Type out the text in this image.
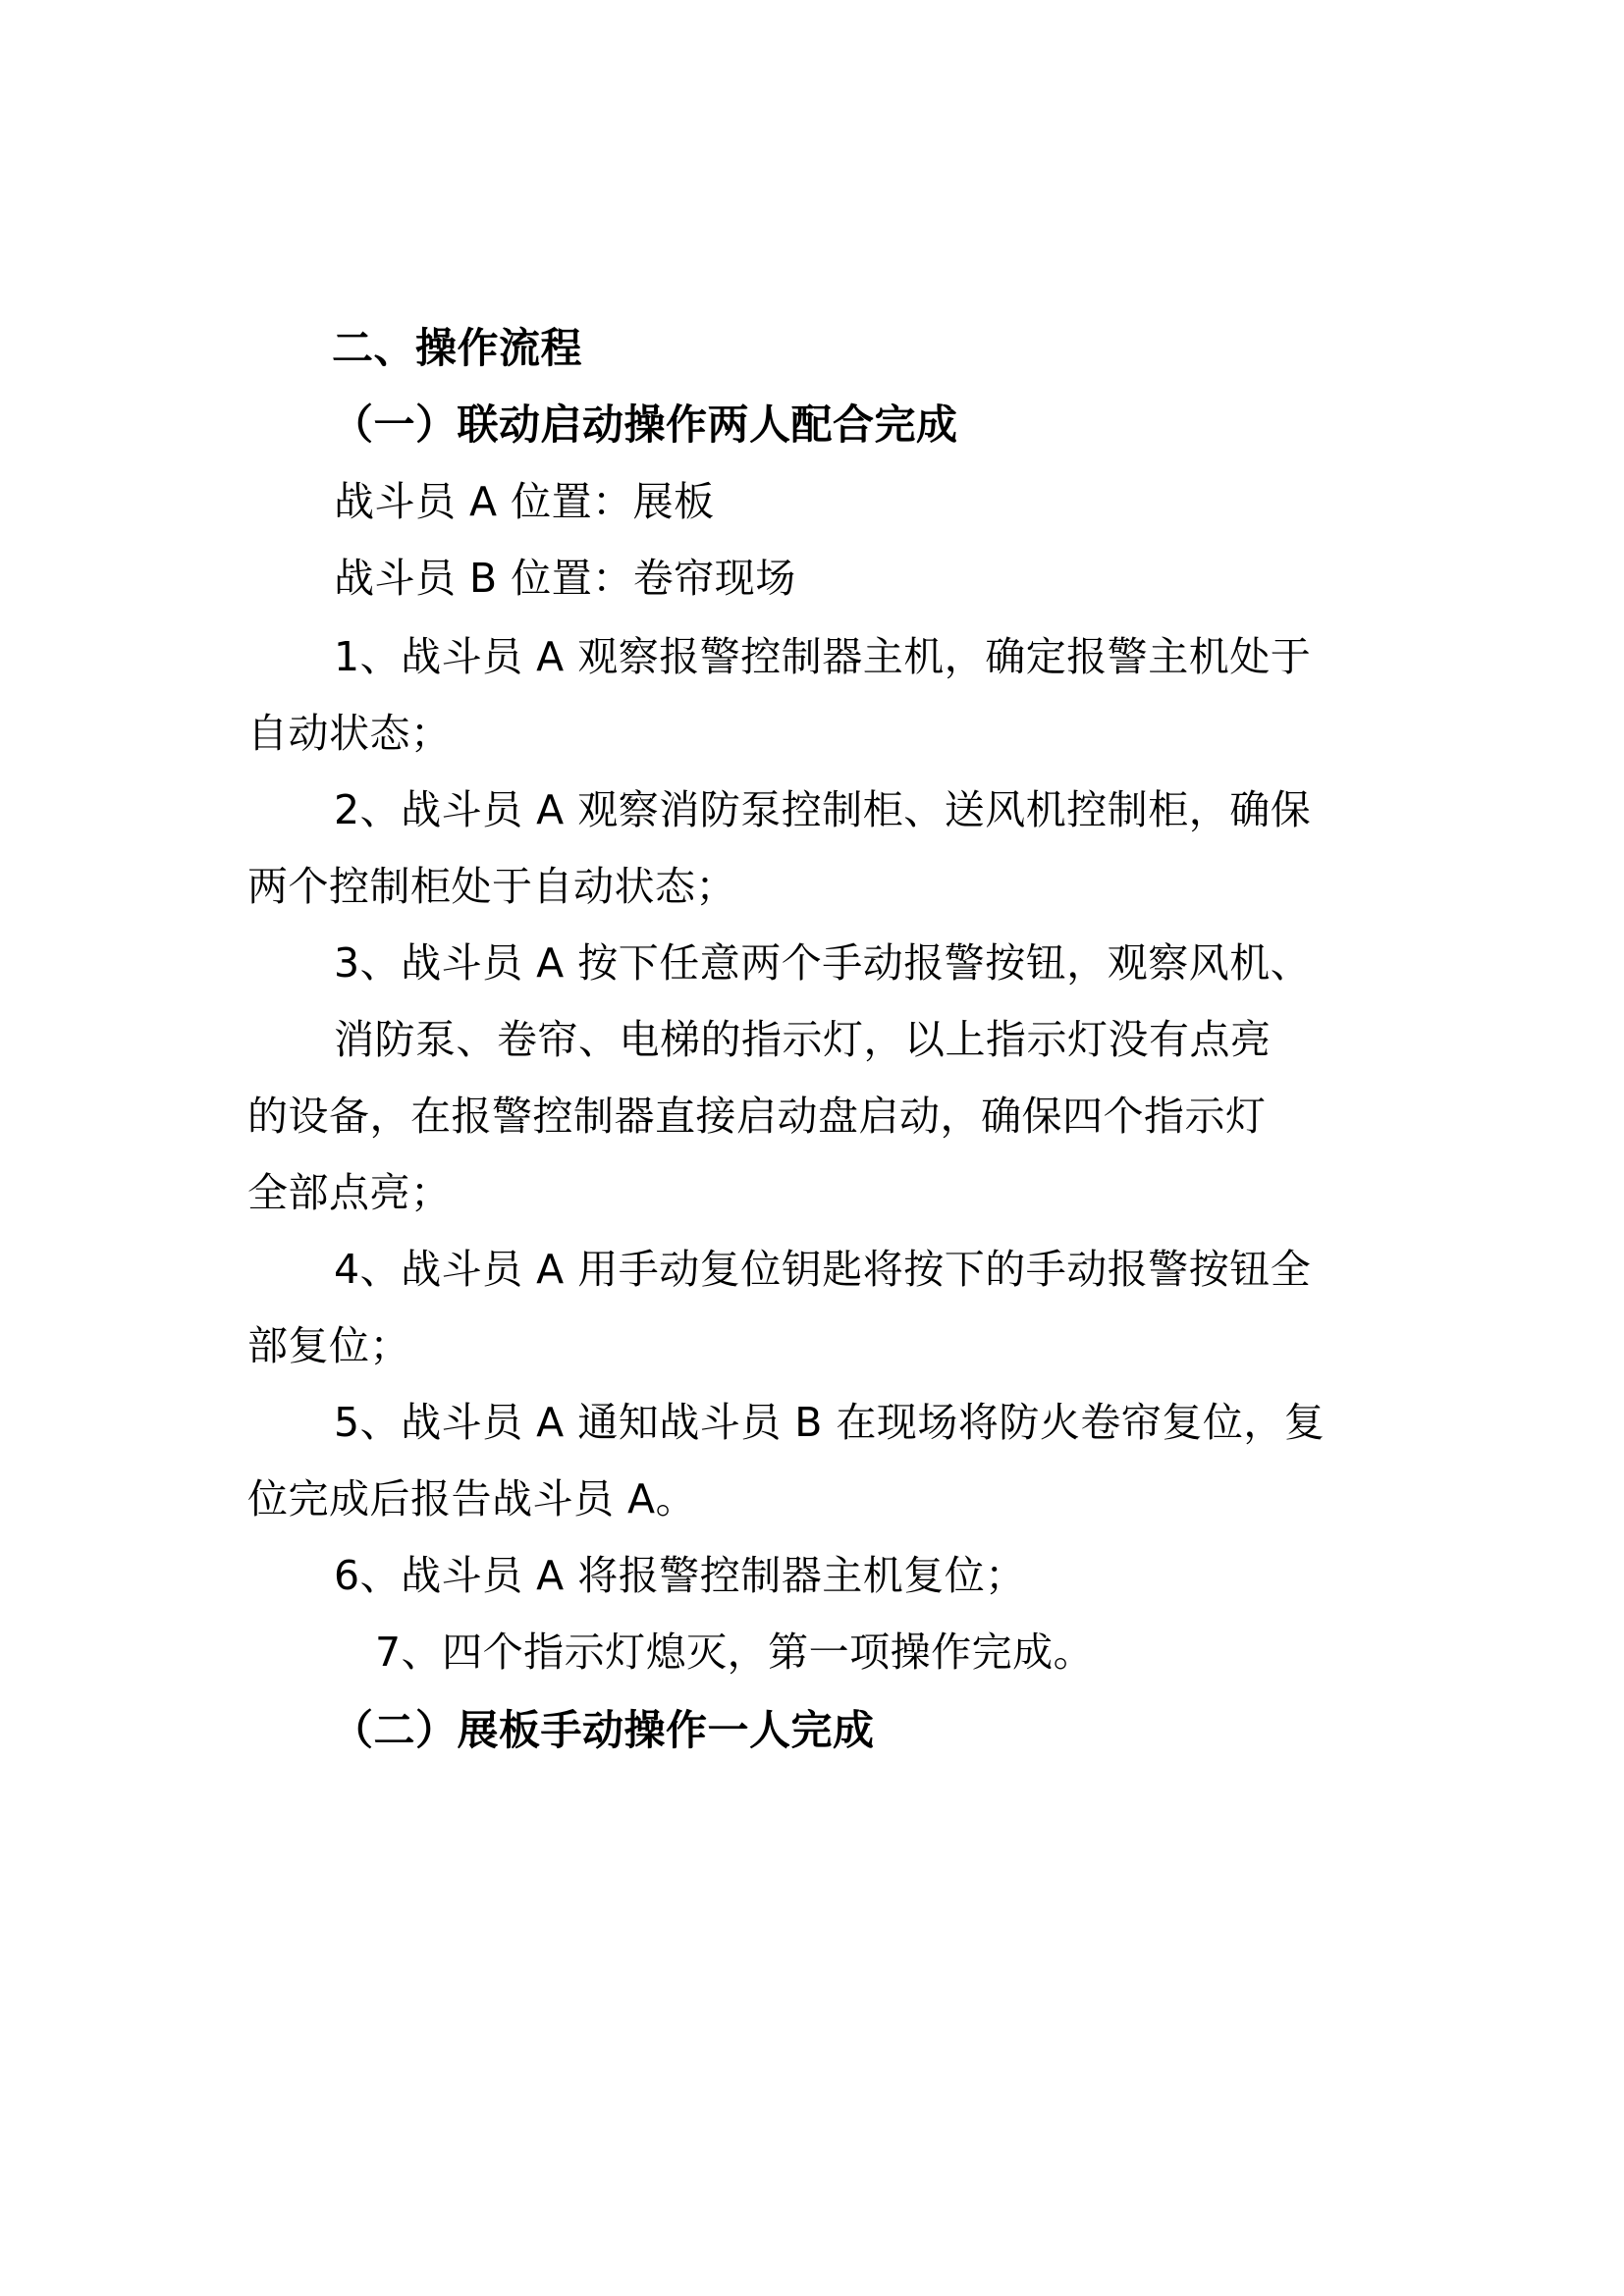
二、操作流程
（一）联动启动操作两人配合完成
战斗员 A 位置：展板
战斗员 B 位置：卷帘现场
1、战斗员 A 观察报警控制器主机，确定报警主机处于
自动状态；
2、战斗员 A 观察消防泵控制柜、送风机控制柜，确保
两个控制柜处于自动状态；
3、战斗员 A 按下任意两个手动报警按钮，观察风机、
消防泵、卷帘、电梯的指示灯，以上指示灯没有点亮
的设备，在报警控制器直接启动盘启动，确保四个指示灯
全部点亮；
4、战斗员 A 用手动复位钥匙将按下的手动报警按钮全
部复位；
5、战斗员 A 通知战斗员 B 在现场将防火卷帘复位，复
位完成后报告战斗员 A。
6、战斗员 A 将报警控制器主机复位；
7、四个指示灯熄灭，第一项操作完成。
（二）展板手动操作一人完成
